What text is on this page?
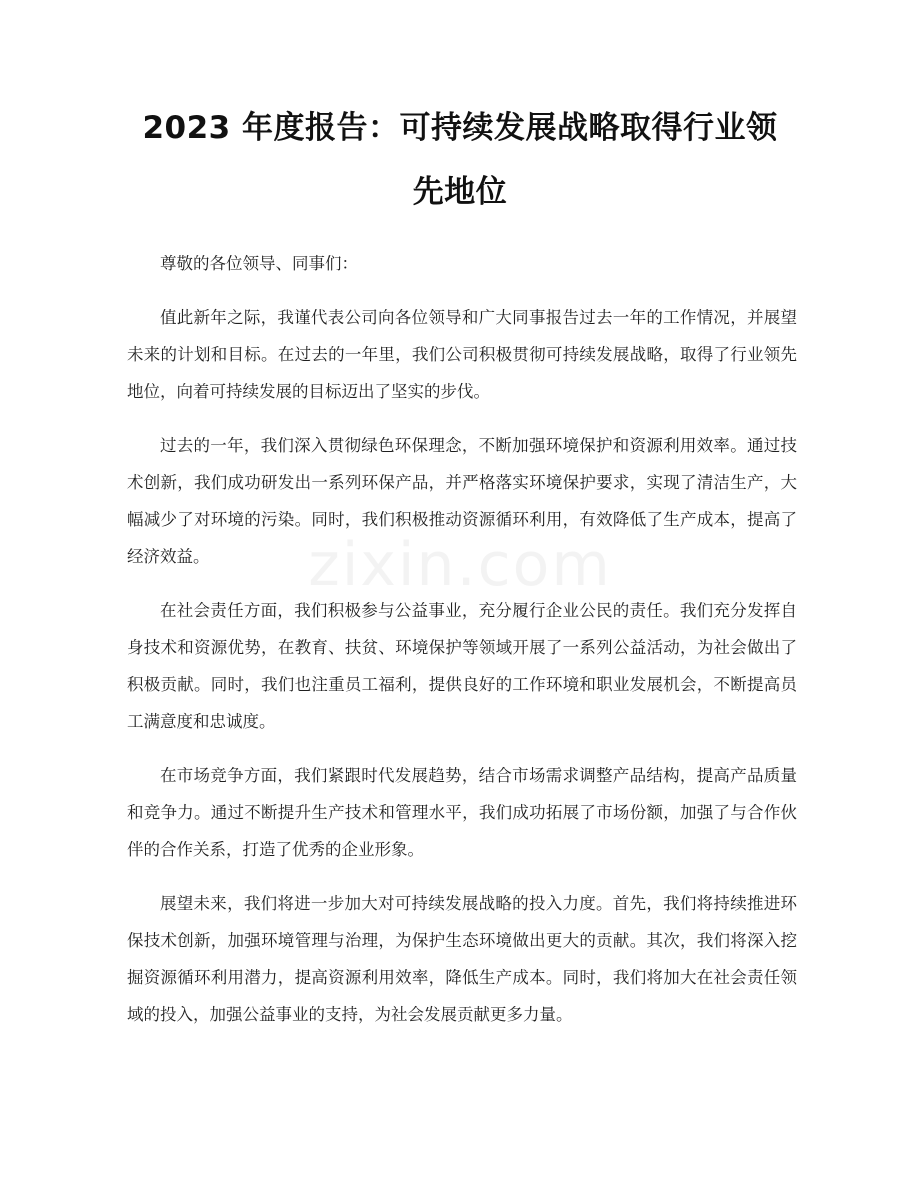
zixin.com
2023 年度报告：可持续发展战略取得行业领
先地位

尊敬的各位领导、同事们：

值此新年之际，我谨代表公司向各位领导和广大同事报告过去一年的工作情况，并展望未来的计划和目标。在过去的一年里，我们公司积极贯彻可持续发展战略，取得了行业领先地位，向着可持续发展的目标迈出了坚实的步伐。

过去的一年，我们深入贯彻绿色环保理念，不断加强环境保护和资源利用效率。通过技术创新，我们成功研发出一系列环保产品，并严格落实环境保护要求，实现了清洁生产，大幅减少了对环境的污染。同时，我们积极推动资源循环利用，有效降低了生产成本，提高了经济效益。

在社会责任方面，我们积极参与公益事业，充分履行企业公民的责任。我们充分发挥自身技术和资源优势，在教育、扶贫、环境保护等领域开展了一系列公益活动，为社会做出了积极贡献。同时，我们也注重员工福利，提供良好的工作环境和职业发展机会，不断提高员工满意度和忠诚度。

在市场竞争方面，我们紧跟时代发展趋势，结合市场需求调整产品结构，提高产品质量和竞争力。通过不断提升生产技术和管理水平，我们成功拓展了市场份额，加强了与合作伙伴的合作关系，打造了优秀的企业形象。

展望未来，我们将进一步加大对可持续发展战略的投入力度。首先，我们将持续推进环保技术创新，加强环境管理与治理，为保护生态环境做出更大的贡献。其次，我们将深入挖掘资源循环利用潜力，提高资源利用效率，降低生产成本。同时，我们将加大在社会责任领域的投入，加强公益事业的支持，为社会发展贡献更多力量。
